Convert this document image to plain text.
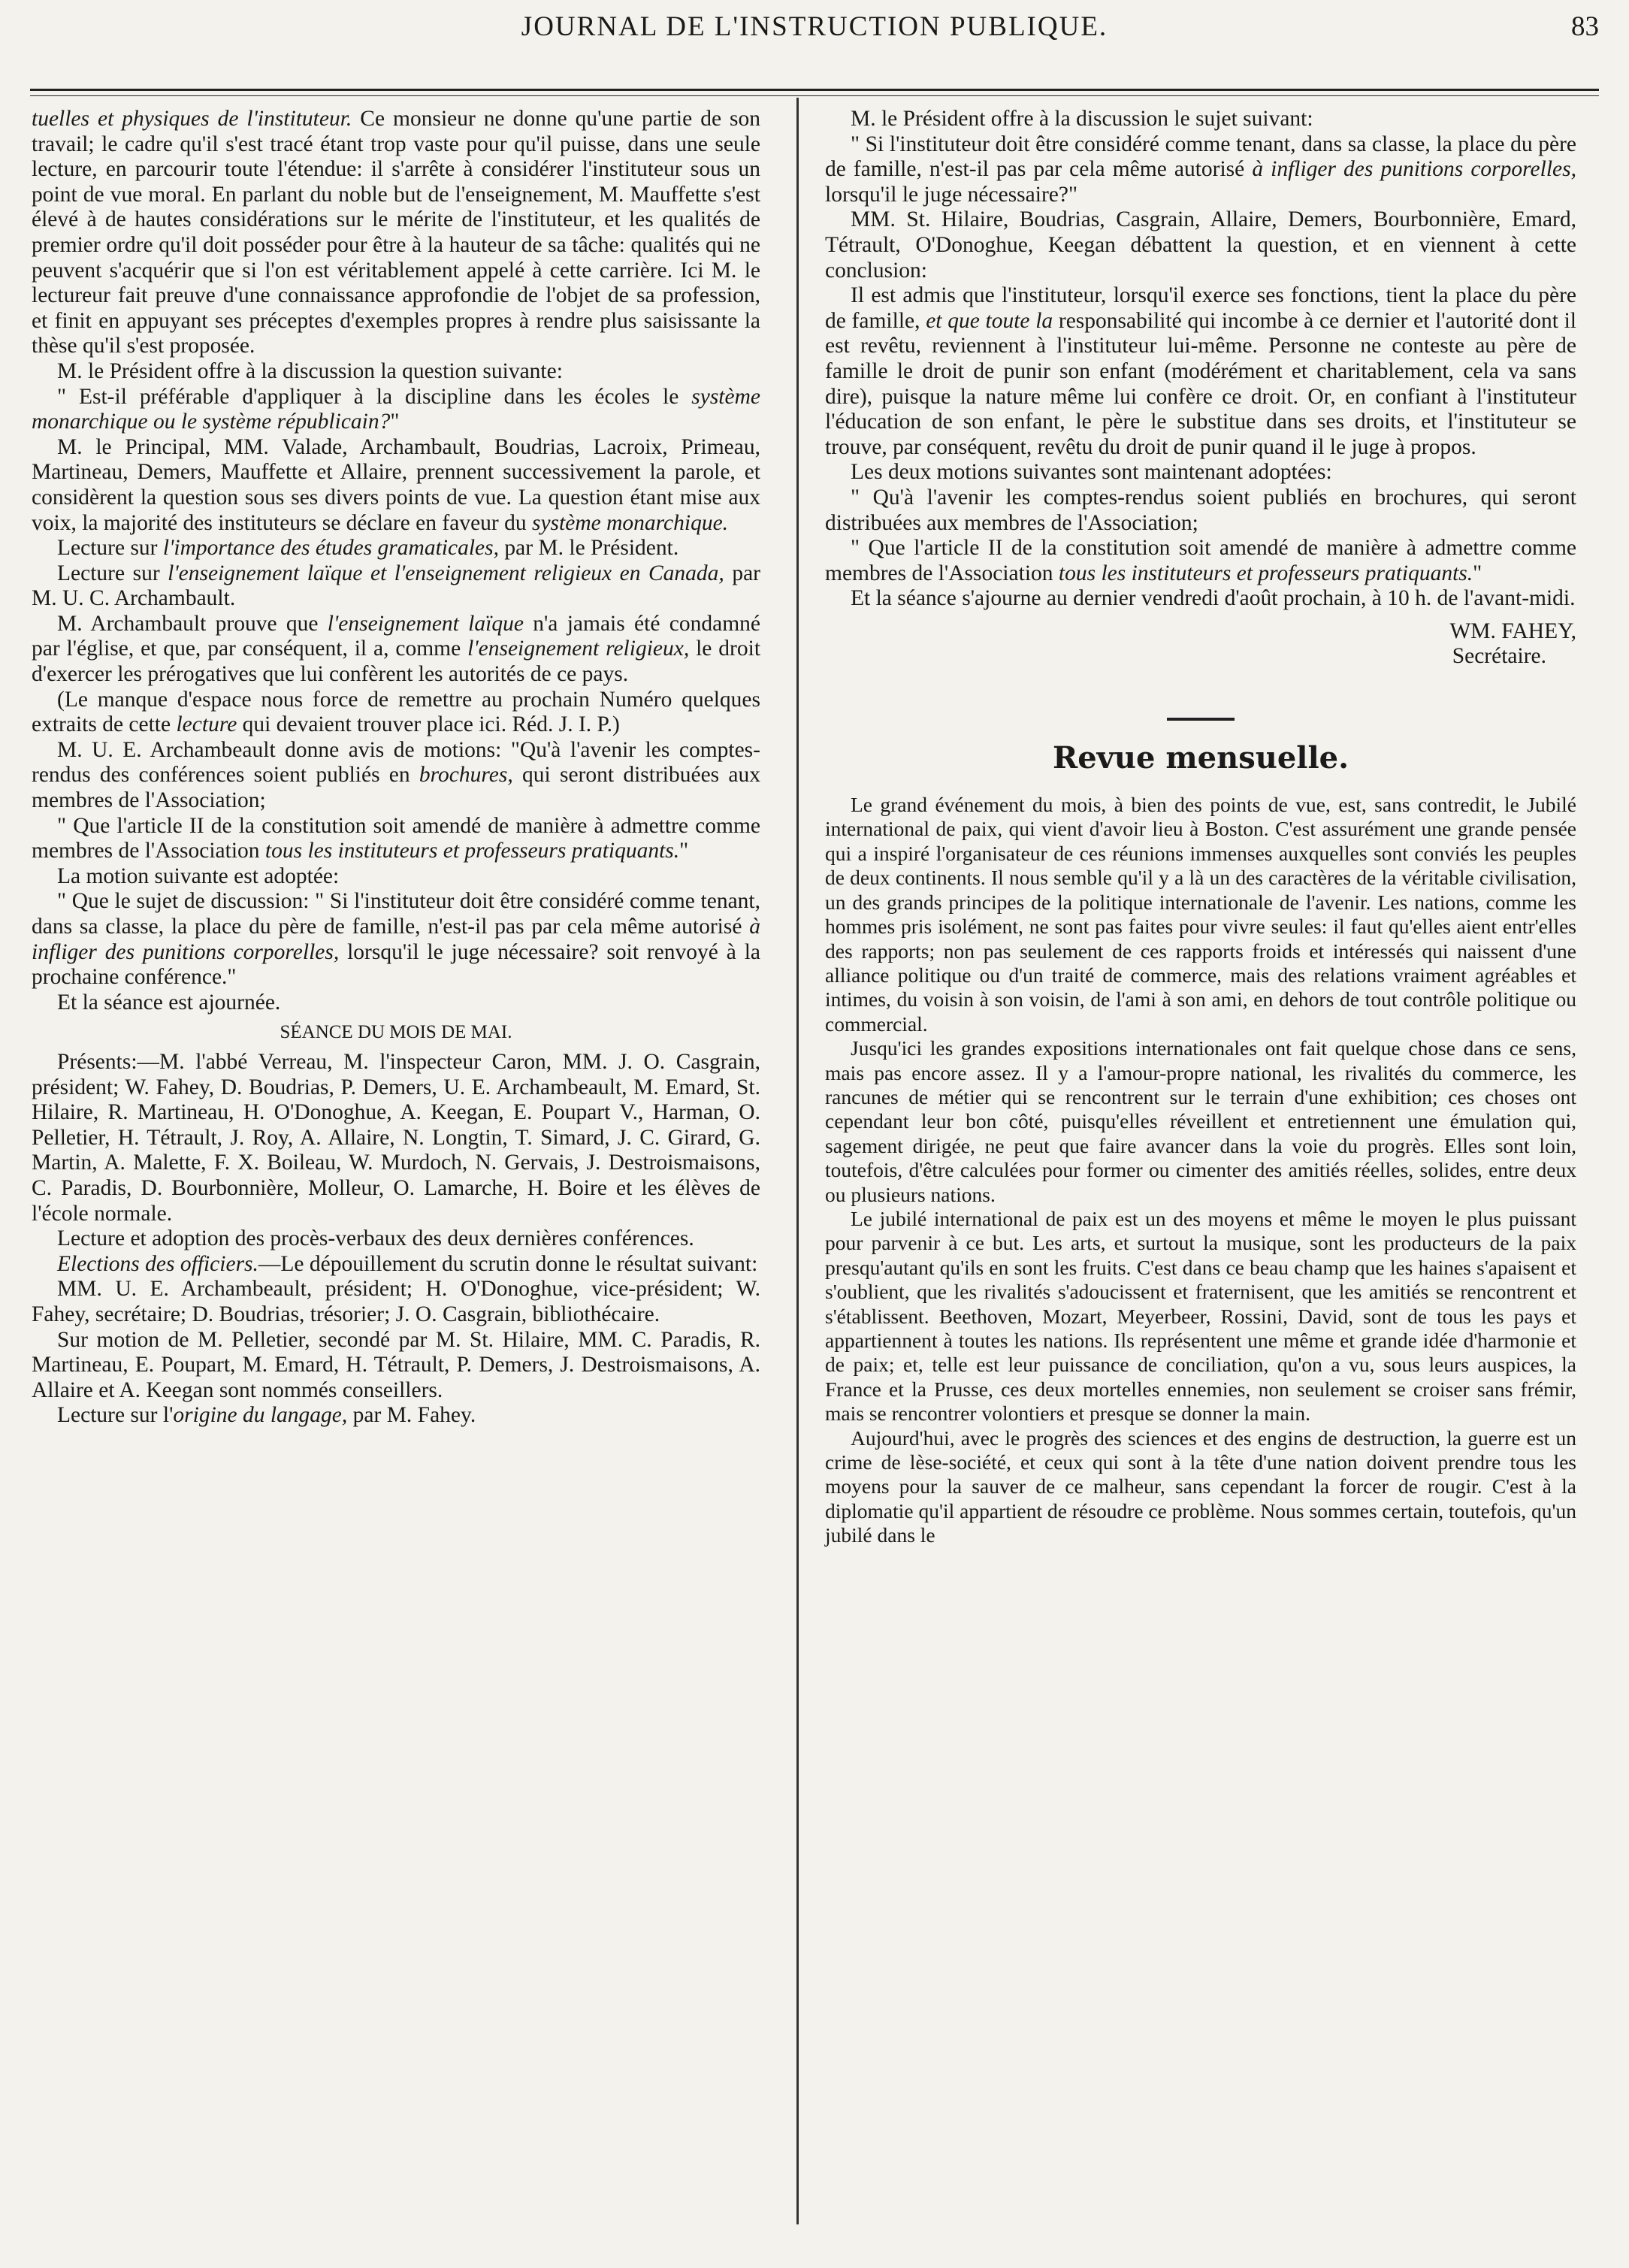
JOURNAL DE L'INSTRUCTION PUBLIQUE.	83

tuelles et physiques de l'instituteur. Ce monsieur ne donne qu'une partie de son travail; le cadre qu'il s'est tracé étant trop vaste pour qu'il puisse, dans une seule lecture, en parcourir toute l'étendue: il s'arrête à considérer l'instituteur sous un point de vue moral. En parlant du noble but de l'enseignement, M. Mauffette s'est élevé à de hautes considérations sur le mérite de l'instituteur, et les qualités de premier ordre qu'il doit posséder pour être à la hauteur de sa tâche: qualités qui ne peuvent s'acquérir que si l'on est véritablement appelé à cette carrière. Ici M. le lectureur fait preuve d'une connaissance approfondie de l'objet de sa profession, et finit en appuyant ses préceptes d'exemples propres à rendre plus saisissante la thèse qu'il s'est proposée.

M. le Président offre à la discussion la question suivante:

" Est-il préférable d'appliquer à la discipline dans les écoles le système monarchique ou le système républicain?"

M. le Principal, MM. Valade, Archambault, Boudrias, Lacroix, Primeau, Martineau, Demers, Mauffette et Allaire, prennent successivement la parole, et considèrent la question sous ses divers points de vue. La question étant mise aux voix, la majorité des instituteurs se déclare en faveur du système monarchique.

Lecture sur l'importance des études gramaticales, par M. le Président.

Lecture sur l'enseignement laïque et l'enseignement religieux en Canada, par M. U. C. Archambault.

M. Archambault prouve que l'enseignement laïque n'a jamais été condamné par l'église, et que, par conséquent, il a, comme l'enseignement religieux, le droit d'exercer les prérogatives que lui confèrent les autorités de ce pays.

(Le manque d'espace nous force de remettre au prochain Numéro quelques extraits de cette lecture qui devaient trouver place ici. Réd. J. I. P.)

M. U. E. Archambeault donne avis de motions: "Qu'à l'avenir les comptes-rendus des conférences soient publiés en brochures, qui seront distribuées aux membres de l'Association;

" Que l'article II de la constitution soit amendé de manière à admettre comme membres de l'Association tous les instituteurs et professeurs pratiquants."

La motion suivante est adoptée:

" Que le sujet de discussion: " Si l'instituteur doit être considéré comme tenant, dans sa classe, la place du père de famille, n'est-il pas par cela même autorisé à infliger des punitions corporelles, lorsqu'il le juge nécessaire? soit renvoyé à la prochaine conférence."

Et la séance est ajournée.

SÉANCE DU MOIS DE MAI.

Présents:—M. l'abbé Verreau, M. l'inspecteur Caron, MM. J. O. Casgrain, président; W. Fahey, D. Boudrias, P. Demers, U. E. Archambeault, M. Emard, St. Hilaire, R. Martineau, H. O'Donoghue, A. Keegan, E. Poupart V., Harman, O. Pelletier, H. Tétrault, J. Roy, A. Allaire, N. Longtin, T. Simard, J. C. Girard, G. Martin, A. Malette, F. X. Boileau, W. Murdoch, N. Gervais, J. Destroismaisons, C. Paradis, D. Bourbonnière, Molleur, O. Lamarche, H. Boire et les élèves de l'école normale.

Lecture et adoption des procès-verbaux des deux dernières conférences.

Elections des officiers.—Le dépouillement du scrutin donne le résultat suivant:

MM. U. E. Archambeault, président; H. O'Donoghue, vice-président; W. Fahey, secrétaire; D. Boudrias, trésorier; J. O. Casgrain, bibliothécaire.

Sur motion de M. Pelletier, secondé par M. St. Hilaire, MM. C. Paradis, R. Martineau, E. Poupart, M. Emard, H. Tétrault, P. Demers, J. Destroismaisons, A. Allaire et A. Keegan sont nommés conseillers.

Lecture sur l'origine du langage, par M. Fahey.

M. le Président offre à la discussion le sujet suivant:

" Si l'instituteur doit être considéré comme tenant, dans sa classe, la place du père de famille, n'est-il pas par cela même autorisé à infliger des punitions corporelles, lorsqu'il le juge nécessaire?"

MM. St. Hilaire, Boudrias, Casgrain, Allaire, Demers, Bourbonnière, Emard, Tétrault, O'Donoghue, Keegan débattent la question, et en viennent à cette conclusion:

Il est admis que l'instituteur, lorsqu'il exerce ses fonctions, tient la place du père de famille, et que toute la responsabilité qui incombe à ce dernier et l'autorité dont il est revêtu, reviennent à l'instituteur lui-même. Personne ne conteste au père de famille le droit de punir son enfant (modérément et charitablement, cela va sans dire), puisque la nature même lui confère ce droit. Or, en confiant à l'instituteur l'éducation de son enfant, le père le substitue dans ses droits, et l'instituteur se trouve, par conséquent, revêtu du droit de punir quand il le juge à propos.

Les deux motions suivantes sont maintenant adoptées:

" Qu'à l'avenir les comptes-rendus soient publiés en brochures, qui seront distribuées aux membres de l'Association;

" Que l'article II de la constitution soit amendé de manière à admettre comme membres de l'Association tous les instituteurs et professeurs pratiquants."

Et la séance s'ajourne au dernier vendredi d'août prochain, à 10 h. de l'avant-midi.

WM. FAHEY,

Secrétaire.

Revue mensuelle.

Le grand événement du mois, à bien des points de vue, est, sans contredit, le Jubilé international de paix, qui vient d'avoir lieu à Boston. C'est assurément une grande pensée qui a inspiré l'organisateur de ces réunions immenses auxquelles sont conviés les peuples de deux continents. Il nous semble qu'il y a là un des caractères de la véritable civilisation, un des grands principes de la politique internationale de l'avenir. Les nations, comme les hommes pris isolément, ne sont pas faites pour vivre seules: il faut qu'elles aient entr'elles des rapports; non pas seulement de ces rapports froids et intéressés qui naissent d'une alliance politique ou d'un traité de commerce, mais des relations vraiment agréables et intimes, du voisin à son voisin, de l'ami à son ami, en dehors de tout contrôle politique ou commercial.

Jusqu'ici les grandes expositions internationales ont fait quelque chose dans ce sens, mais pas encore assez. Il y a l'amour-propre national, les rivalités du commerce, les rancunes de métier qui se rencontrent sur le terrain d'une exhibition; ces choses ont cependant leur bon côté, puisqu'elles réveillent et entretiennent une émulation qui, sagement dirigée, ne peut que faire avancer dans la voie du progrès. Elles sont loin, toutefois, d'être calculées pour former ou cimenter des amitiés réelles, solides, entre deux ou plusieurs nations.

Le jubilé international de paix est un des moyens et même le moyen le plus puissant pour parvenir à ce but. Les arts, et surtout la musique, sont les producteurs de la paix presqu'autant qu'ils en sont les fruits. C'est dans ce beau champ que les haines s'apaisent et s'oublient, que les rivalités s'adoucissent et fraternisent, que les amitiés se rencontrent et s'établissent. Beethoven, Mozart, Meyerbeer, Rossini, David, sont de tous les pays et appartiennent à toutes les nations. Ils représentent une même et grande idée d'harmonie et de paix; et, telle est leur puissance de conciliation, qu'on a vu, sous leurs auspices, la France et la Prusse, ces deux mortelles ennemies, non seulement se croiser sans frémir, mais se rencontrer volontiers et presque se donner la main.

Aujourd'hui, avec le progrès des sciences et des engins de destruction, la guerre est un crime de lèse-société, et ceux qui sont à la tête d'une nation doivent prendre tous les moyens pour la sauver de ce malheur, sans cependant la forcer de rougir. C'est à la diplomatie qu'il appartient de résoudre ce problème. Nous sommes certain, toutefois, qu'un jubilé dans le
